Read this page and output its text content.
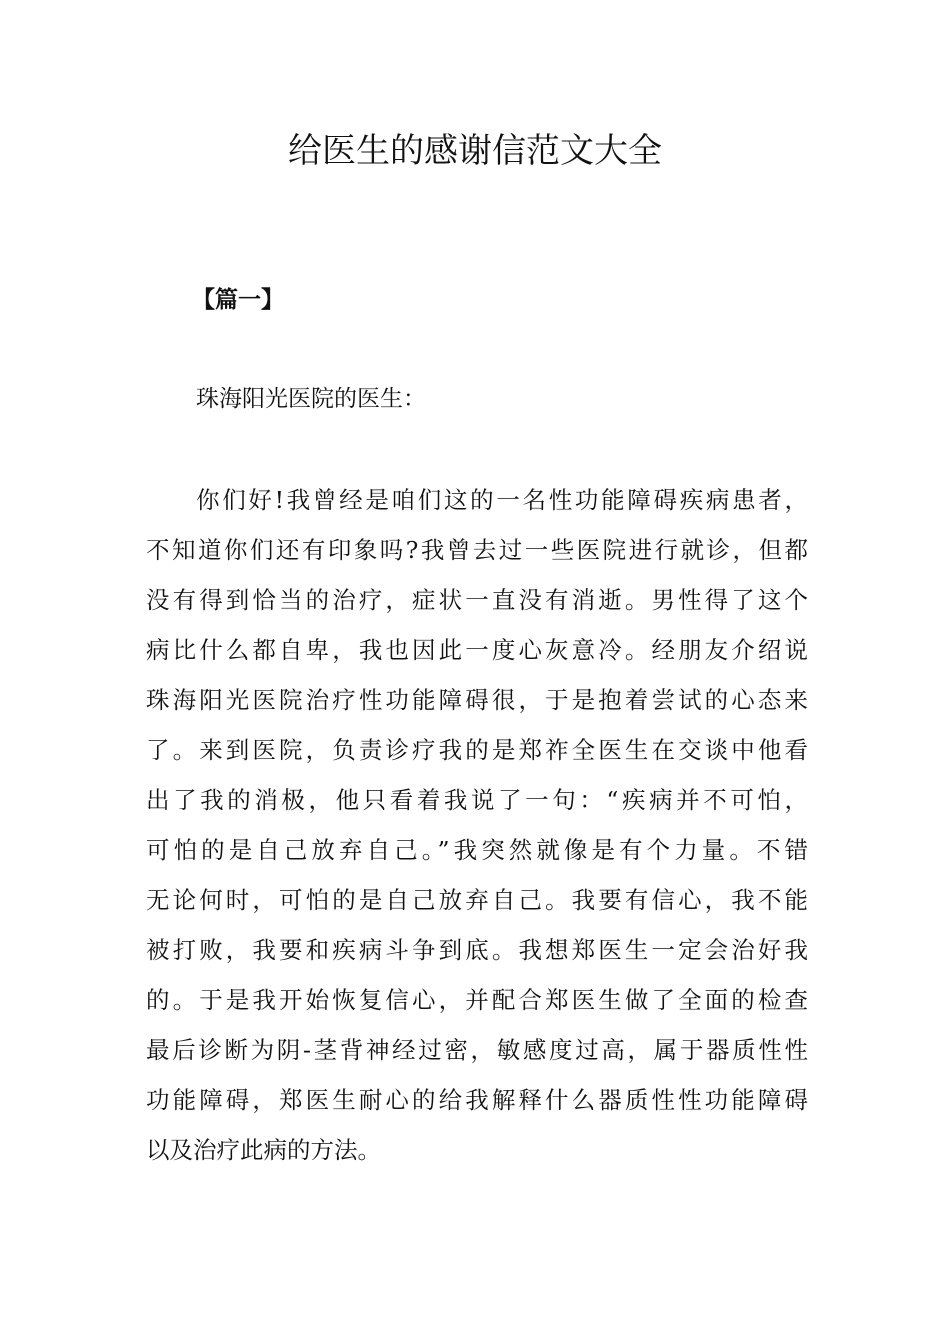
给医生的感谢信范文大全

【篇一】

珠海阳光医院的医生：

你们好!我曾经是咱们这的一名性功能障碍疾病患者，
不知道你们还有印象吗?我曾去过一些医院进行就诊，但都
没有得到恰当的治疗，症状一直没有消逝。男性得了这个
病比什么都自卑，我也因此一度心灰意冷。经朋友介绍说
珠海阳光医院治疗性功能障碍很，于是抱着尝试的心态来
了。来到医院，负责诊疗我的是郑祚全医生在交谈中他看
出了我的消极，他只看着我说了一句：“疾病并不可怕，
可怕的是自己放弃自己。”我突然就像是有个力量。不错
无论何时，可怕的是自己放弃自己。我要有信心，我不能
被打败，我要和疾病斗争到底。我想郑医生一定会治好我
的。于是我开始恢复信心，并配合郑医生做了全面的检查
最后诊断为阴-茎背神经过密，敏感度过高，属于器质性性
功能障碍，郑医生耐心的给我解释什么器质性性功能障碍
以及治疗此病的方法。
